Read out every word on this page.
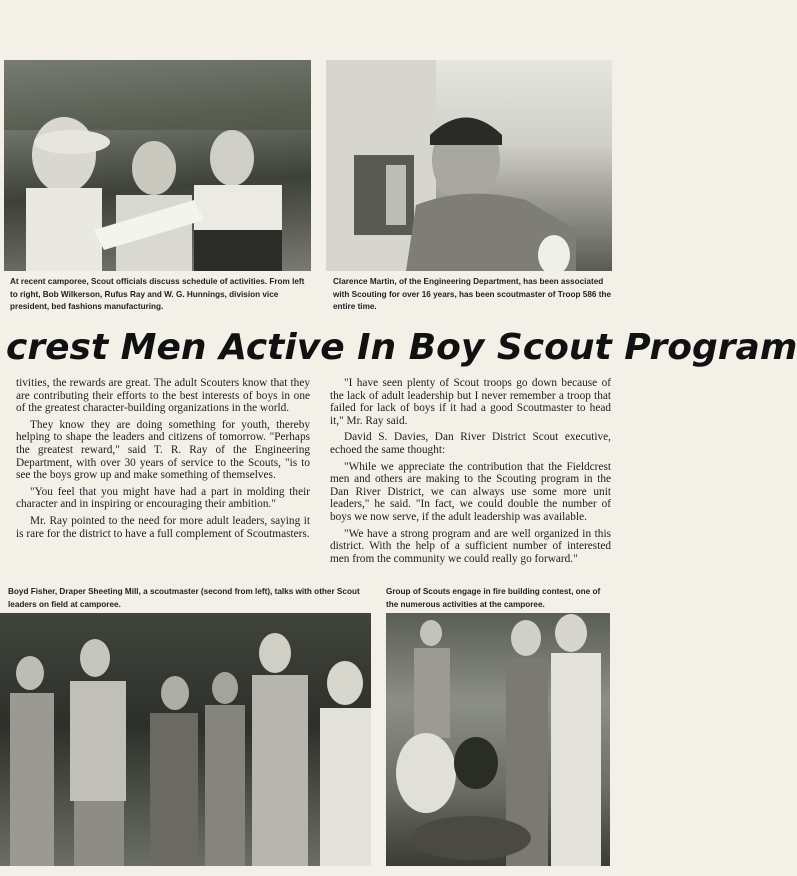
At recent camporee, Scout officials discuss schedule of activities. From left to right, Bob Wilkerson, Rufus Ray and W. G. Hunnings, division vice president, bed fashions manufacturing.
Clarence Martin, of the Engineering Department, has been associated with Scouting for over 16 years, has been scoutmaster of Troop 586 the entire time.
crest Men Active In Boy Scout Program

tivities, the rewards are great. The adult Scouters know that they are contributing their efforts to the best interests of boys in one of the greatest character-building organizations in the world.

They know they are doing something for youth, thereby helping to shape the leaders and citizens of tomorrow. "Perhaps the greatest reward," said T. R. Ray of the Engineering Department, with over 30 years of service to the Scouts, "is to see the boys grow up and make something of themselves.

"You feel that you might have had a part in molding their character and in inspiring or encouraging their ambition."

Mr. Ray pointed to the need for more adult leaders, saying it is rare for the district to have a full complement of Scoutmasters.

"I have seen plenty of Scout troops go down because of the lack of adult leadership but I never remember a troop that failed for lack of boys if it had a good Scoutmaster to head it," Mr. Ray said.

David S. Davies, Dan River District Scout executive, echoed the same thought:

"While we appreciate the contribution that the Fieldcrest men and others are making to the Scouting program in the Dan River District, we can always use some more unit leaders," he said. "In fact, we could double the number of boys we now serve, if the adult leadership was available.

"We have a strong program and are well organized in this district. With the help of a sufficient number of interested men from the community we could really go forward."

Boyd Fisher, Draper Sheeting Mill, a scoutmaster (second from left), talks with other Scout leaders on field at camporee.
Group of Scouts engage in fire building contest, one of the numerous activities at the camporee.
